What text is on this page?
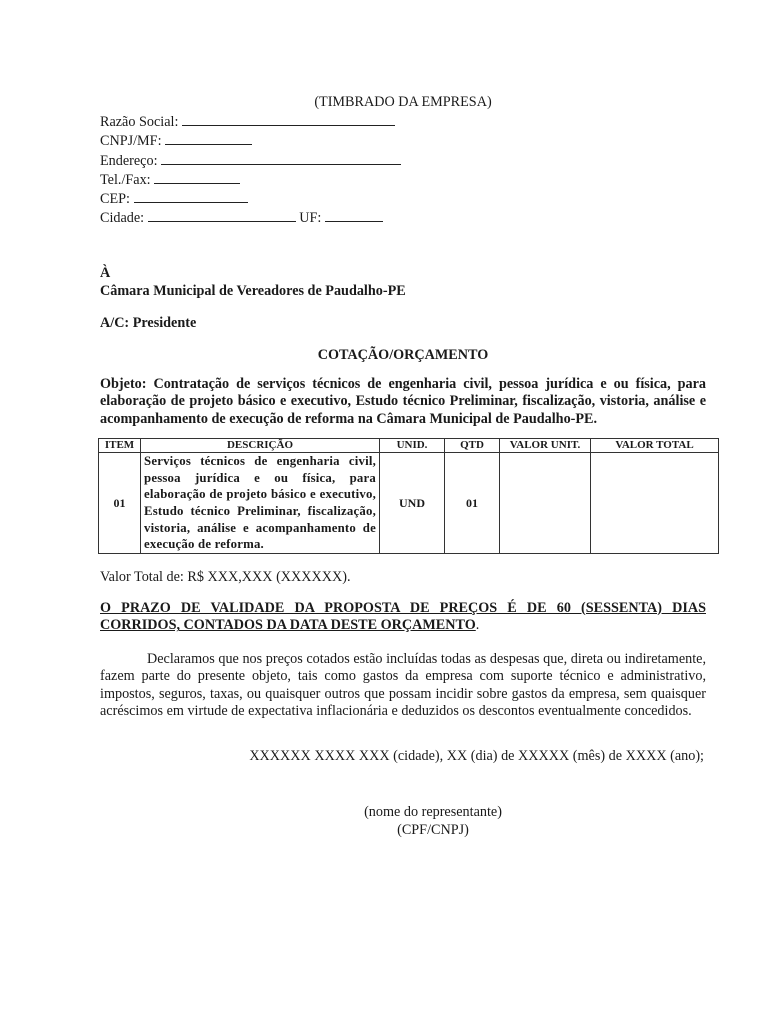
(TIMBRADO DA EMPRESA)
Razão Social:
CNPJ/MF:
Endereço:
Tel./Fax:
CEP:
Cidade:	UF:
À
Câmara Municipal de Vereadores de Paudalho-PE
A/C: Presidente
COTAÇÃO/ORÇAMENTO
Objeto: Contratação de serviços técnicos de engenharia civil, pessoa jurídica e ou física, para elaboração de projeto básico e executivo, Estudo técnico Preliminar, fiscalização, vistoria, análise e acompanhamento de execução de reforma na Câmara Municipal de Paudalho-PE.
ITEM	DESCRIÇÃO	UNID.	QTD	VALOR UNIT.	VALOR TOTAL
01	Serviços técnicos de engenharia civil, pessoa jurídica e ou física, para elaboração de projeto básico e executivo, Estudo técnico Preliminar, fiscalização, vistoria, análise e acompanhamento de execução de reforma.	UND	01		
Valor Total de: R$ XXX,XXX (XXXXXX).
O PRAZO DE VALIDADE DA PROPOSTA DE PREÇOS É DE 60 (SESSENTA) DIAS CORRIDOS, CONTADOS DA DATA DESTE ORÇAMENTO.
Declaramos que nos preços cotados estão incluídas todas as despesas que, direta ou indiretamente, fazem parte do presente objeto, tais como gastos da empresa com suporte técnico e administrativo, impostos, seguros, taxas, ou quaisquer outros que possam incidir sobre gastos da empresa, sem quaisquer acréscimos em virtude de expectativa inflacionária e deduzidos os descontos eventualmente concedidos.
XXXXXX XXXX XXX (cidade), XX (dia) de XXXXX (mês) de XXXX (ano);
(nome do representante)
(CPF/CNPJ)
